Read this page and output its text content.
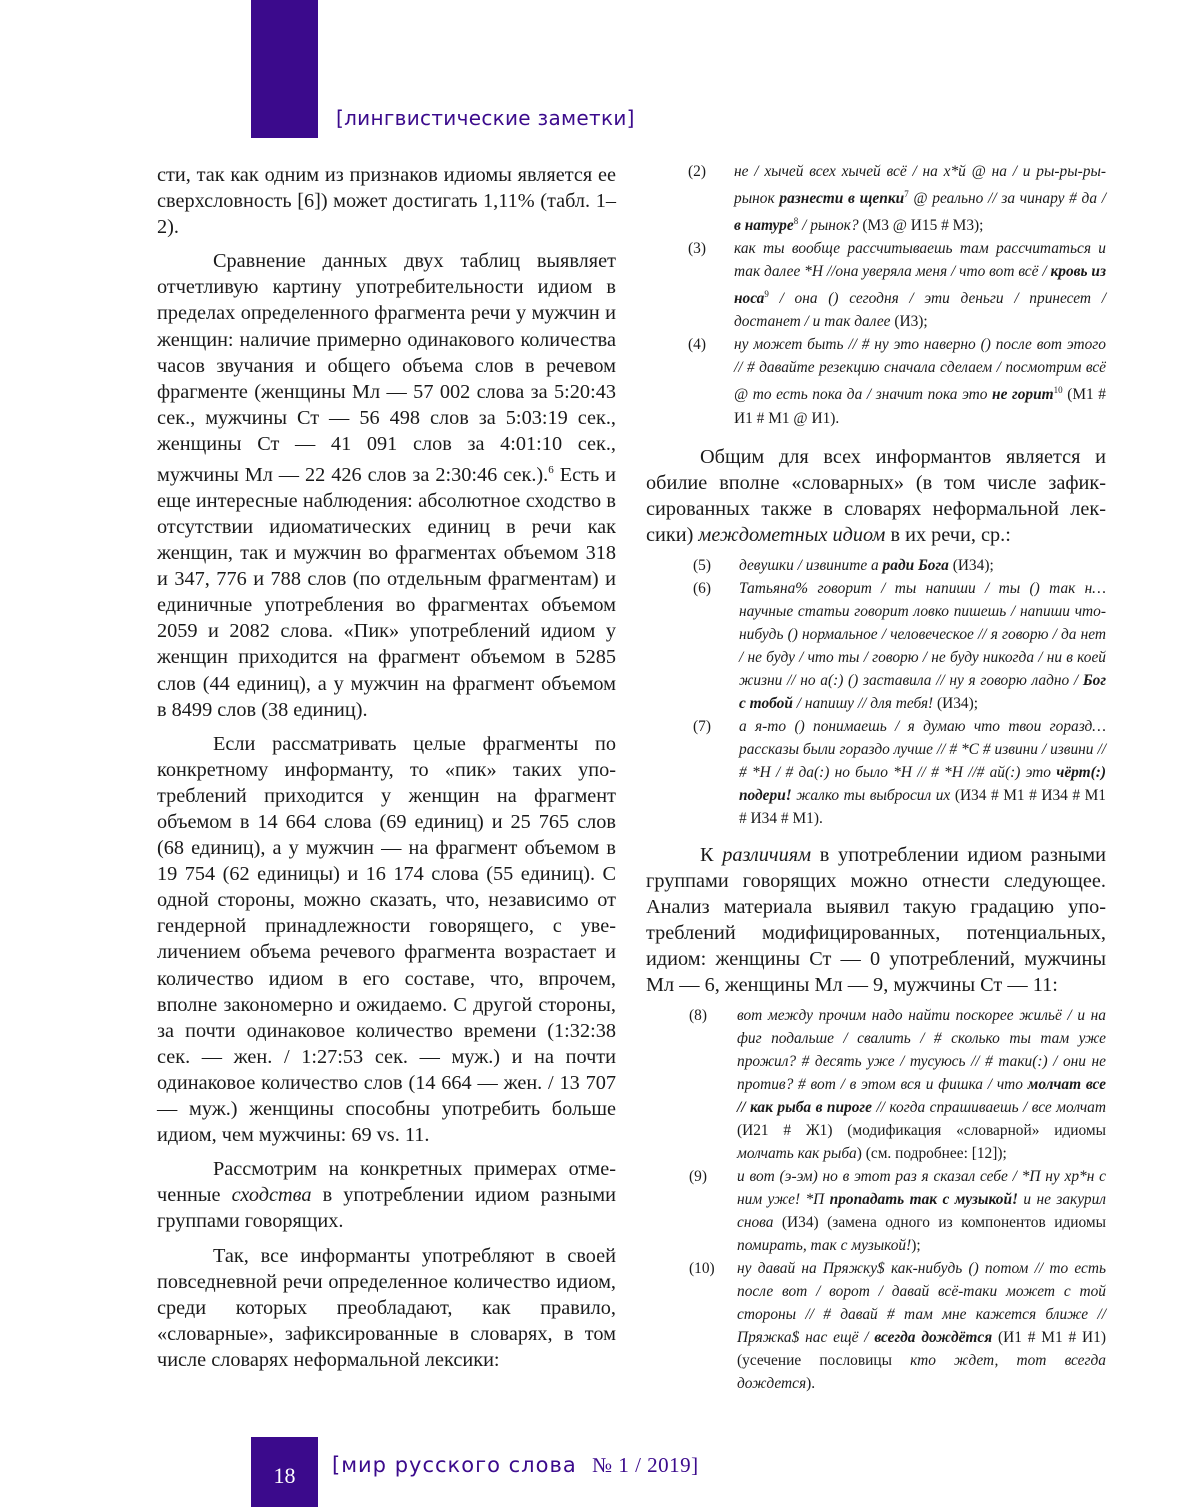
[лингвистические заметки]

сти, так как одним из признаков идиомы является ее сверхсловность [6]) может достигать 1,11% (табл. 1–2).

Сравнение данных двух таблиц выявляет отчетливую картину употребительности идиом в пределах определенного фрагмента речи у мужчин и женщин: наличие примерно одинакового количества часов звучания и общего объема слов в речевом фрагменте (женщины Мл — 57 002 слова за 5:20:43 сек., мужчины Ст — 56 498 слов за 5:03:19 сек., женщины Ст — 41 091 слов за 4:01:10 сек., мужчины Мл — 22 426 слов за 2:30:46 сек.).$^6$ Есть и еще интересные наблюдения: абсолютное сходство в отсутствии идиоматических единиц в речи как женщин, так и мужчин во фрагментах объемом 318 и 347, 776 и 788 слов (по отдельным фрагментам) и единичные употребления во фрагментах объемом 2059 и 2082 слова. «Пик» употреблений идиом у женщин приходится на фрагмент объемом в 5285 слов (44 единиц), а у мужчин на фрагмент объемом в 8499 слов (38 единиц).

Если рассматривать целые фрагменты по конкретному информанту, то «пик» таких употреблений приходится у женщин на фрагмент объемом в 14 664 слова (69 единиц) и 25 765 слов (68 единиц), а у мужчин — на фрагмент объемом в 19 754 (62 единицы) и 16 174 слова (55 единиц). С одной стороны, можно сказать, что, независимо от гендерной принадлежности говорящего, с увеличением объема речевого фрагмента возрастает и количество идиом в его составе, что, впрочем, вполне закономерно и ожидаемо. С другой стороны, за почти одинаковое количество времени (1:32:38 сек. — жен. / 1:27:53 сек. — муж.) и на почти одинаковое количество слов (14 664 — жен. / 13 707 — муж.) женщины способны употребить больше идиом, чем мужчины: 69 vs. 11.

Рассмотрим на конкретных примерах отмеченные сходства в употреблении идиом разными группами говорящих.

Так, все информанты употребляют в своей повседневной речи определенное количество идиом, среди которых преобладают, как правило, «словарные», зафиксированные в словарях, в том числе словарях неформальной лексики:

(2)	не / хычей всех хычей всё / на х*й @ на / и ры-ры-ры-рынок разнести в щепки$^7$ @ реально // за чинару # да / в натуре$^8$ / рынок? (М3 @ И15 # М3);
(3)	как ты вообще рассчитываешь там рассчитаться и так далее *Н //она уверяла меня / что вот всё / кровь из носа$^9$ / она () сегодня / эти деньги / принесет / достанет / и так далее (И3);
(4)	ну может быть // # ну это наверно () после вот этого // # давайте резекцию сначала сделаем / посмотрим всё @ то есть пока да / значит пока это не горит$^{10}$ (М1 # И1 # М1 @ И1).

Общим для всех информантов является и обилие вполне «словарных» (в том числе зафиксированных также в словарях неформальной лексики) междометных идиом в их речи, ср.:

(5)	девушки / извините а ради Бога (И34);
(6)	Татьяна% говорит / ты напиши / ты () так н… научные статьи говорит ловко пишешь / напиши что-нибудь () нормальное / человеческое // я говорю / да нет / не буду / что ты / говорю / не буду никогда / ни в коей жизни // но а(:) () заставила // ну я говорю ладно / Бог с тобой / напишу // для тебя! (И34);
(7)	а я-то () понимаешь / я думаю что твои горазд… рассказы были гораздо лучше // # *С # извини / извини // # *Н / # да(:) но было *Н // # *Н //# ай(:) это чёрт(:) подери! жалко ты выбросил их (И34 # М1 # И34 # М1 # И34 # М1).

К различиям в употреблении идиом разными группами говорящих можно отнести следующее. Анализ материала выявил такую градацию употреблений модифицированных, потенциальных, идиом: женщины Ст — 0 употреблений, мужчины Мл — 6, женщины Мл — 9, мужчины Ст — 11:

(8)	вот между прочим надо найти поскорее жильё / и на фиг подальше / свалить / # сколько ты там уже прожил? # десять уже / тусуюсь // # таки(:) / они не против? # вот / в этом вся и фишка / что молчат все // как рыба в пироге // когда спрашиваешь / все молчат (И21 # Ж1) (модификация «словарной» идиомы молчать как рыба) (см. подробнее: [12]);
(9)	и вот (э-эм) но в этот раз я сказал себе / *П ну хр*н с ним уже! *П пропадать так с музыкой! и не закурил снова (И34) (замена одного из компонентов идиомы помирать, так с музыкой!);
(10)	ну давай на Пряжку$ как-нибудь () потом // то есть после вот / ворот / давай всё-таки может с той стороны // # давай # там мне кажется ближе // Пряжка$ нас ещё / всегда дождётся (И1 # М1 # И1) (усечение пословицы кто ждет, тот всегда дождется).
18	[мир русского слова № 1 / 2019]
